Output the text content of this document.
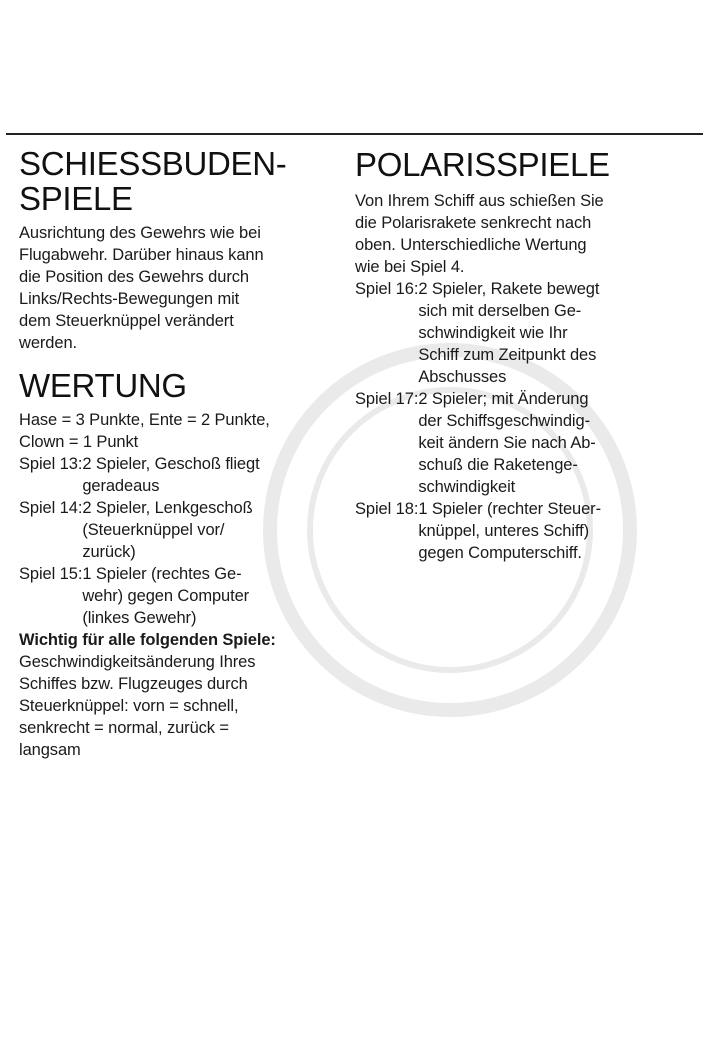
SCHIESSBUDEN-
SPIELE
Ausrichtung des Gewehrs wie bei
Flugabwehr. Darüber hinaus kann
die Position des Gewehrs durch
Links/Rechts-Bewegungen mit
dem Steuerknüppel verändert
werden.
WERTUNG
Hase = 3 Punkte, Ente = 2 Punkte,
Clown = 1 Punkt
Spiel 13: 2 Spieler, Geschoß fliegt
geradeaus
Spiel 14: 2 Spieler, Lenkgeschoß
(Steuerknüppel vor/
zurück)
Spiel 15: 1 Spieler (rechtes Ge-
wehr) gegen Computer
(linkes Gewehr)
Wichtig für alle folgenden Spiele:
Geschwindigkeitsänderung Ihres
Schiffes bzw. Flugzeuges durch
Steuerknüppel: vorn = schnell,
senkrecht = normal, zurück =
langsam
POLARISSPIELE
Von Ihrem Schiff aus schießen Sie
die Polarisrakete senkrecht nach
oben. Unterschiedliche Wertung
wie bei Spiel 4.
Spiel 16: 2 Spieler, Rakete bewegt
sich mit derselben Ge-
schwindigkeit wie Ihr
Schiff zum Zeitpunkt des
Abschusses
Spiel 17: 2 Spieler; mit Änderung
der Schiffsgeschwindig-
keit ändern Sie nach Ab-
schuß die Raketenge-
schwindigkeit
Spiel 18: 1 Spieler (rechter Steuer-
knüppel, unteres Schiff)
gegen Computerschiff.
